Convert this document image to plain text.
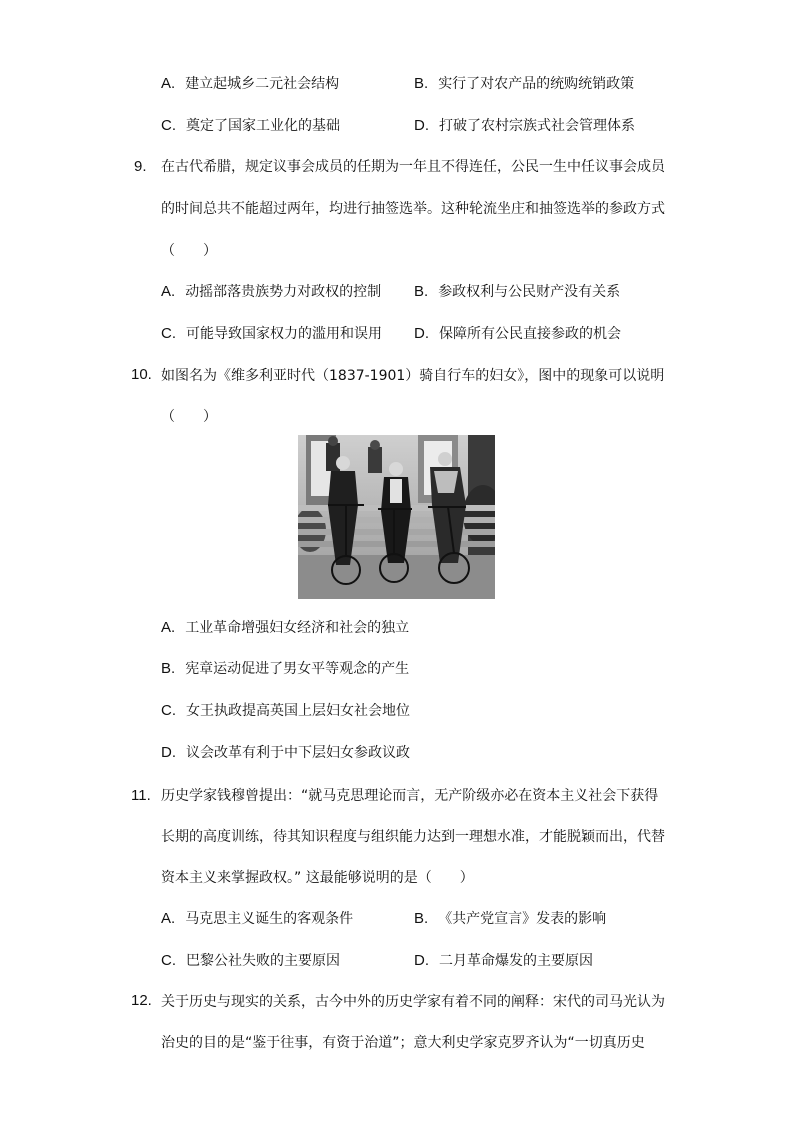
A. 建立起城乡二元社会结构	B. 实行了对农产品的统购统销政策
C. 奠定了国家工业化的基础	D. 打破了农村宗族式社会管理体系
9. 在古代希腊，规定议事会成员的任期为一年且不得连任，公民一生中任议事会成员
的时间总共不能超过两年，均进行抽签选举。这种轮流坐庄和抽签选举的参政方式
（　　）
A. 动摇部落贵族势力对政权的控制 B. 参政权利与公民财产没有关系
C. 可能导致国家权力的滥用和误用 D. 保障所有公民直接参政的机会
10. 如图名为《维多利亚时代（1837-1901）骑自行车的妇女》，图中的现象可以说明
（　　）
A. 工业革命增强妇女经济和社会的独立
B. 宪章运动促进了男女平等观念的产生
C. 女王执政提高英国上层妇女社会地位
D. 议会改革有利于中下层妇女参政议政
11. 历史学家钱穆曾提出：“就马克思理论而言，无产阶级亦必在资本主义社会下获得
长期的高度训练，待其知识程度与组织能力达到一理想水准，才能脱颖而出，代替
资本主义来掌握政权。” 这最能够说明的是（　　）
A. 马克思主义诞生的客观条件	B. 《共产党宣言》发表的影响
C. 巴黎公社失败的主要原因	D. 二月革命爆发的主要原因
12. 关于历史与现实的关系，古今中外的历史学家有着不同的阐释：宋代的司马光认为
治史的目的是“鉴于往事，有资于治道”；意大利史学家克罗齐认为“一切真历史
